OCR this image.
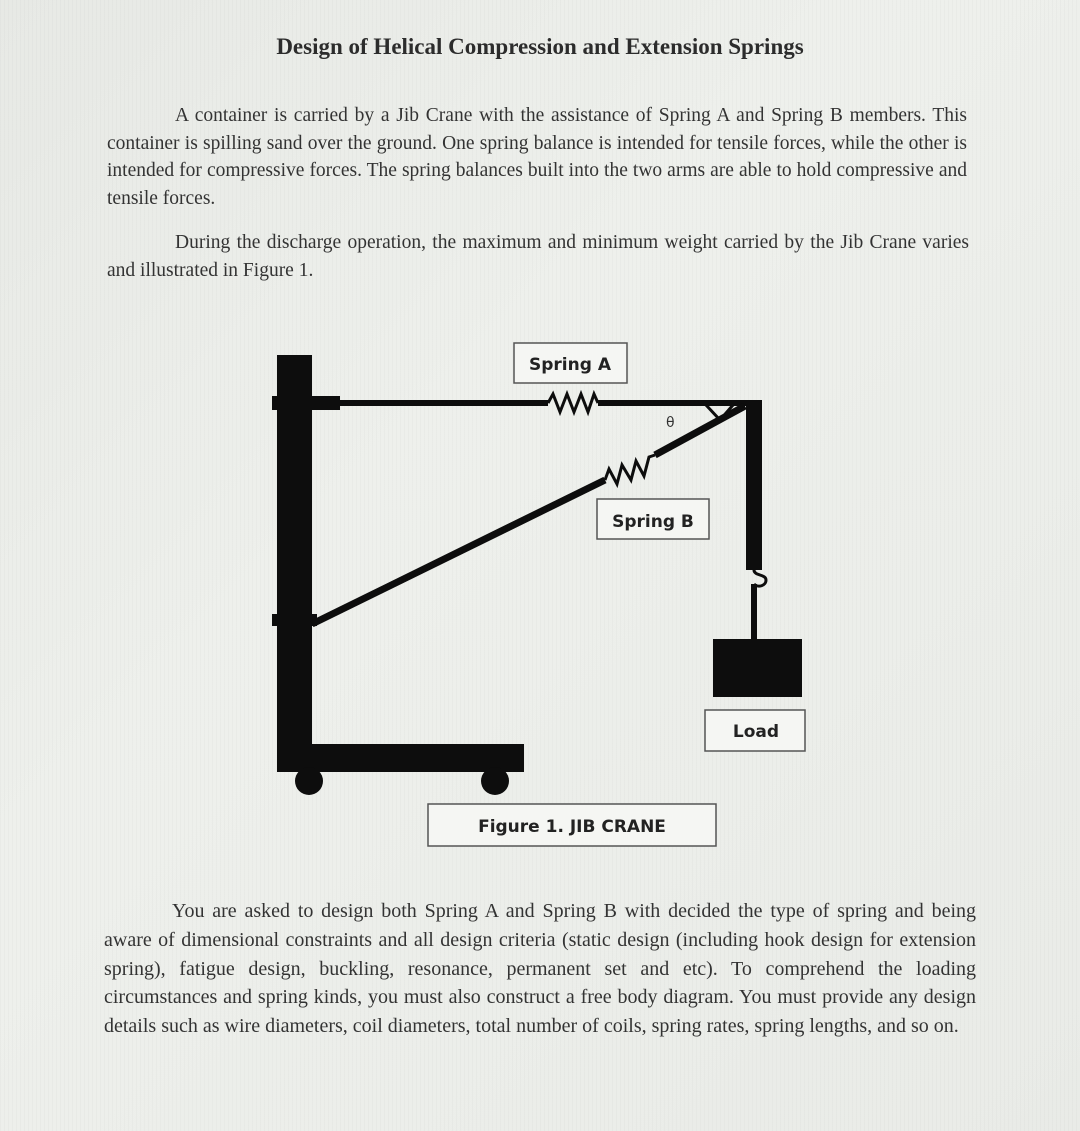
Design of Helical Compression and Extension Springs
A container is carried by a Jib Crane with the assistance of Spring A and Spring B members. This container is spilling sand over the ground. One spring balance is intended for tensile forces, while the other is intended for compressive forces. The spring balances built into the two arms are able to hold compressive and tensile forces.
During the discharge operation, the maximum and minimum weight carried by the Jib Crane varies and illustrated in Figure 1.
θ
Spring A
Spring B
Load
Figure 1. JIB CRANE
You are asked to design both Spring A and Spring B with decided the type of spring and being aware of dimensional constraints and all design criteria (static design (including hook design for extension spring), fatigue design, buckling, resonance, permanent set and etc). To comprehend the loading circumstances and spring kinds, you must also construct a free body diagram. You must provide any design details such as wire diameters, coil diameters, total number of coils, spring rates, spring lengths, and so on.
